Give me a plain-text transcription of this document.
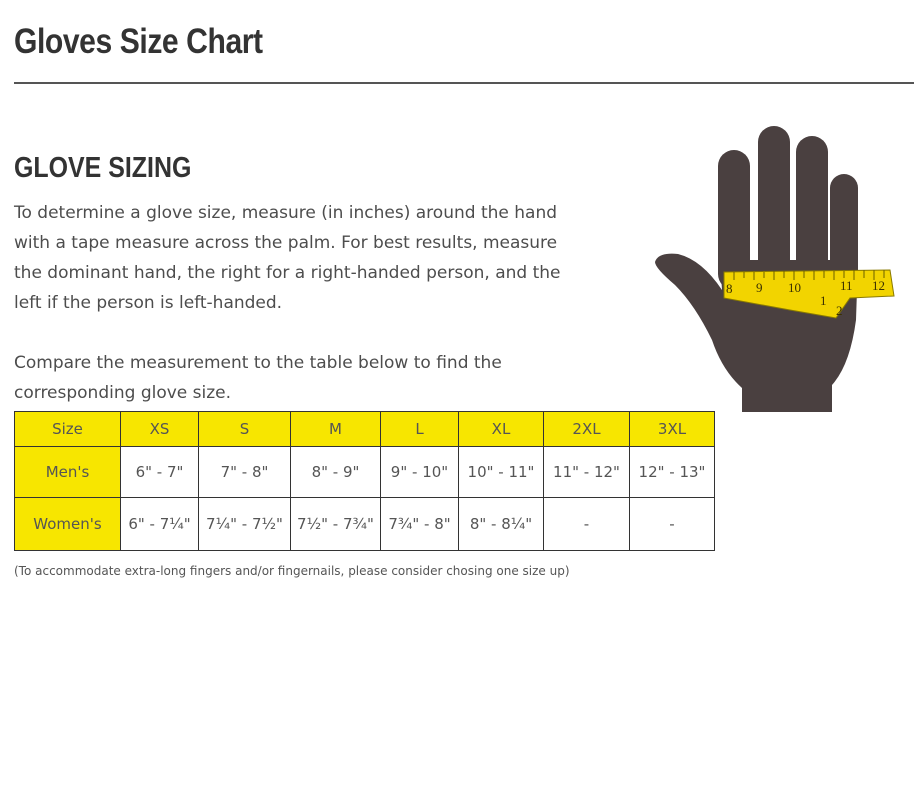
Gloves Size Chart
GLOVE SIZING

To determine a glove size, measure (in inches) around the hand with a tape measure across the palm. For best results, measure the dominant hand, the right for a right-handed person, and the left if the person is left-handed.

Compare the measurement to the table below to find the corresponding glove size.

Size	XS	S	M	L	XL	2XL	3XL
Men's	6" - 7"	7" - 8"	8" - 9"	9" - 10"	10" - 11"	11" - 12"	12" - 13"
Women's	6" - 7¼"	7¼" - 7½"	7½" - 7¾"	7¾" - 8"	8" - 8¼"	-	-

(To accommodate extra-long fingers and/or fingernails, please consider chosing one size up)

8 9 10	11 12
1
2
